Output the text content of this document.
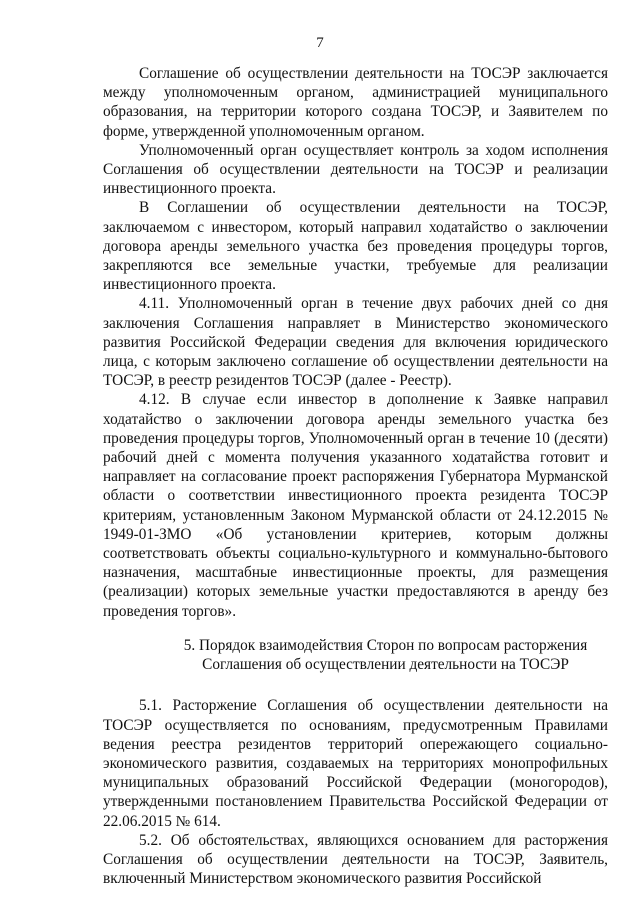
7

Соглашение об осуществлении деятельности на ТОСЭР заключается между уполномоченным органом, администрацией муниципального образования, на территории которого создана ТОСЭР, и Заявителем по форме, утвержденной уполномоченным органом.

Уполномоченный орган осуществляет контроль за ходом исполнения Соглашения об осуществлении деятельности на ТОСЭР и реализации инвестиционного проекта.

В Соглашении об осуществлении деятельности на ТОСЭР, заключаемом с инвестором, который направил ходатайство о заключении договора аренды земельного участка без проведения процедуры торгов, закрепляются все земельные участки, требуемые для реализации инвестиционного проекта.

4.11. Уполномоченный орган в течение двух рабочих дней со дня заключения Соглашения направляет в Министерство экономического развития Российской Федерации сведения для включения юридического лица, с которым заключено соглашение об осуществлении деятельности на ТОСЭР, в реестр резидентов ТОСЭР (далее - Реестр).

4.12. В случае если инвестор в дополнение к Заявке направил ходатайство о заключении договора аренды земельного участка без проведения процедуры торгов, Уполномоченный орган в течение 10 (десяти) рабочий дней с момента получения указанного ходатайства готовит и направляет на согласование проект распоряжения Губернатора Мурманской области о соответствии инвестиционного проекта резидента ТОСЭР критериям, установленным Законом Мурманской области от 24.12.2015 № 1949-01-ЗМО «Об установлении критериев, которым должны соответствовать объекты социально-культурного и коммунально-бытового назначения, масштабные инвестиционные проекты, для размещения (реализации) которых земельные участки предоставляются в аренду без проведения торгов».

5. Порядок взаимодействия Сторон по вопросам расторжения
Соглашения об осуществлении деятельности на ТОСЭР

5.1. Расторжение Соглашения об осуществлении деятельности на ТОСЭР осуществляется по основаниям, предусмотренным Правилами ведения реестра резидентов территорий опережающего социально-экономического развития, создаваемых на территориях монопрофильных муниципальных образований Российской Федерации (моногородов), утвержденными постановлением Правительства Российской Федерации от 22.06.2015 № 614.

5.2. Об обстоятельствах, являющихся основанием для расторжения Соглашения об осуществлении деятельности на ТОСЭР, Заявитель, включенный Министерством экономического развития Российской
